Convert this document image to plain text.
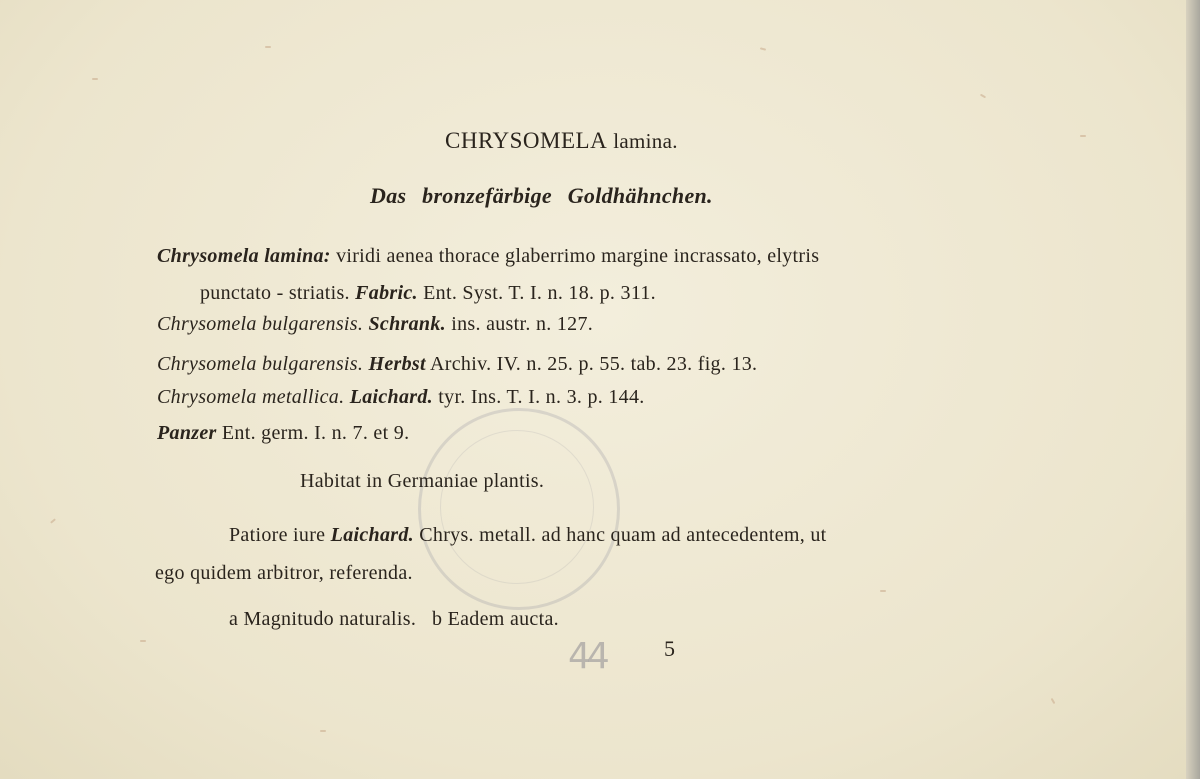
CHRYSOMELA lamina.
Das bronzefärbige Goldhähnchen.
Chrysomela lamina: viridi aenea thorace glaberrimo margine incrassato, elytris
punctato - striatis. Fabric. Ent. Syst. T. I. n. 18. p. 311.
Chrysomela bulgarensis. Schrank. ins. austr. n. 127.
Chrysomela bulgarensis. Herbst Archiv. IV. n. 25. p. 55. tab. 23. fig. 13.
Chrysomela metallica. Laichard. tyr. Ins. T. I. n. 3. p. 144.
Panzer Ent. germ. I. n. 7. et 9.
Habitat in Germaniae plantis.
Patiore iure Laichard. Chrys. metall. ad hanc quam ad antecedentem, ut
ego quidem arbitror, referenda.
a Magnitudo naturalis.   b Eadem aucta.
44	5
